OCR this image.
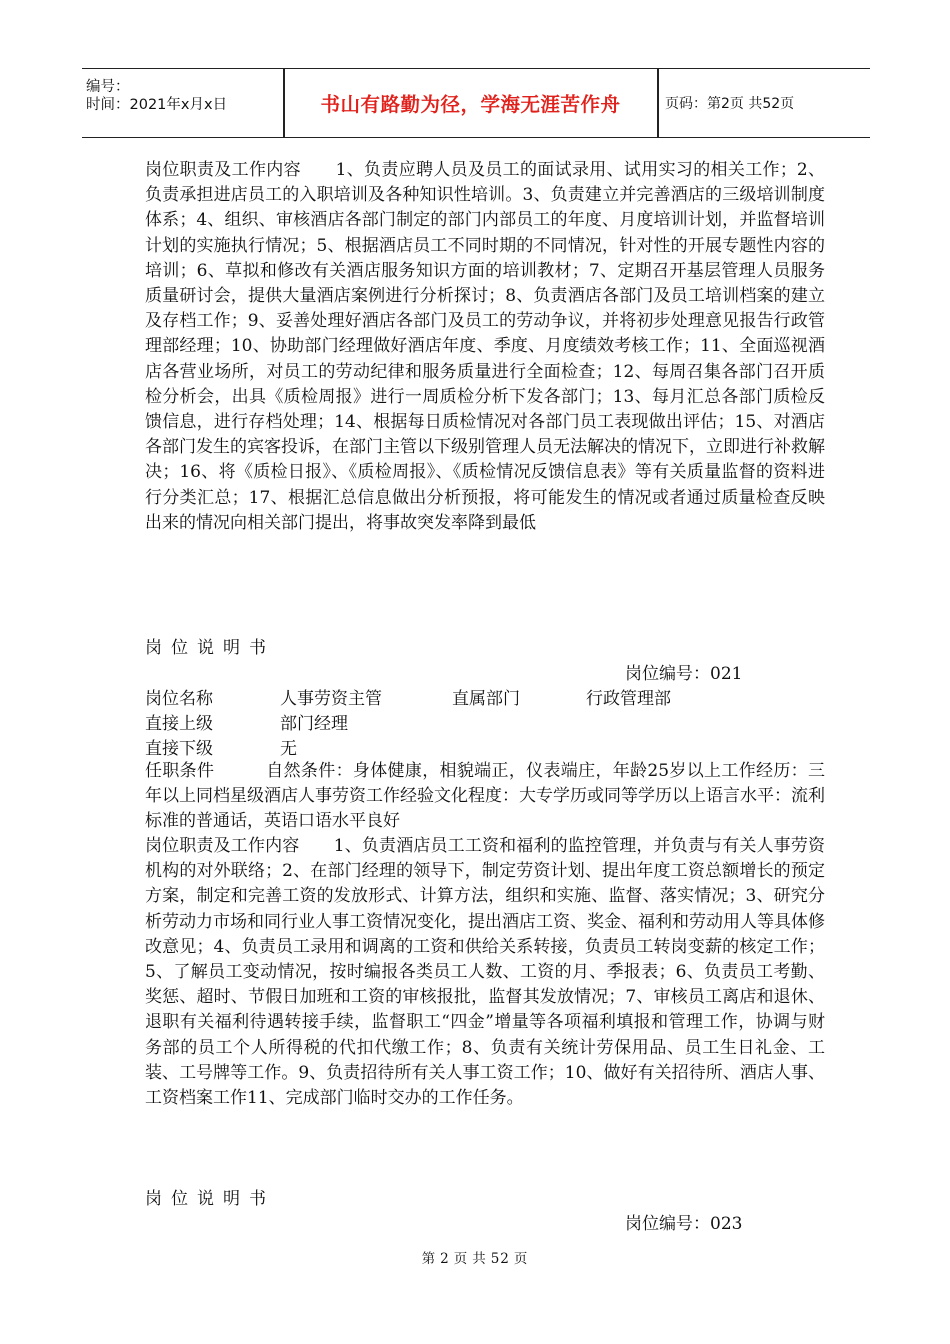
编号：
时间：2021年x月x日	书山有路勤为径，学海无涯苦作舟	页码：第2页 共52页
岗位职责及工作内容　　1、负责应聘人员及员工的面试录用、试用实习的相关工作；2、负责承担进店员工的入职培训及各种知识性培训。3、负责建立并完善酒店的三级培训制度体系；4、组织、审核酒店各部门制定的部门内部员工的年度、月度培训计划，并监督培训计划的实施执行情况；5、根据酒店员工不同时期的不同情况，针对性的开展专题性内容的培训；6、草拟和修改有关酒店服务知识方面的培训教材；7、定期召开基层管理人员服务质量研讨会，提供大量酒店案例进行分析探讨；8、负责酒店各部门及员工培训档案的建立及存档工作；9、妥善处理好酒店各部门及员工的劳动争议，并将初步处理意见报告行政管理部经理；10、协助部门经理做好酒店年度、季度、月度绩效考核工作；11、全面巡视酒店各营业场所，对员工的劳动纪律和服务质量进行全面检查；12、每周召集各部门召开质检分析会，出具《质检周报》进行一周质检分析下发各部门；13、每月汇总各部门质检反馈信息，进行存档处理；14、根据每日质检情况对各部门员工表现做出评估；15、对酒店各部门发生的宾客投诉，在部门主管以下级别管理人员无法解决的情况下，立即进行补救解决；16、将《质检日报》、《质检周报》、《质检情况反馈信息表》等有关质量监督的资料进行分类汇总；17、根据汇总信息做出分析预报，将可能发生的情况或者通过质量检查反映出来的情况向相关部门提出，将事故突发率降到最低
岗位说明书
岗位编号：021
岗位名称	人事劳资主管	直属部门	行政管理部
直接上级	部门经理
直接下级	无
任职条件　　　自然条件：身体健康，相貌端正，仪表端庄，年龄25岁以上工作经历：三年以上同档星级酒店人事劳资工作经验文化程度：大专学历或同等学历以上语言水平：流利标准的普通话，英语口语水平良好
岗位职责及工作内容　　1、负责酒店员工工资和福利的监控管理，并负责与有关人事劳资机构的对外联络；2、在部门经理的领导下，制定劳资计划、提出年度工资总额增长的预定方案，制定和完善工资的发放形式、计算方法，组织和实施、监督、落实情况；3、研究分析劳动力市场和同行业人事工资情况变化，提出酒店工资、奖金、福利和劳动用人等具体修改意见；4、负责员工录用和调离的工资和供给关系转接，负责员工转岗变薪的核定工作；5、了解员工变动情况，按时编报各类员工人数、工资的月、季报表；6、负责员工考勤、奖惩、超时、节假日加班和工资的审核报批，监督其发放情况；7、审核员工离店和退休、退职有关福利待遇转接手续，监督职工“四金”增量等各项福利填报和管理工作，协调与财务部的员工个人所得税的代扣代缴工作；8、负责有关统计劳保用品、员工生日礼金、工装、工号牌等工作。9、负责招待所有关人事工资工作；10、做好有关招待所、酒店人事、工资档案工作11、完成部门临时交办的工作任务。
岗位说明书
岗位编号：023
第 2 页 共 52 页
